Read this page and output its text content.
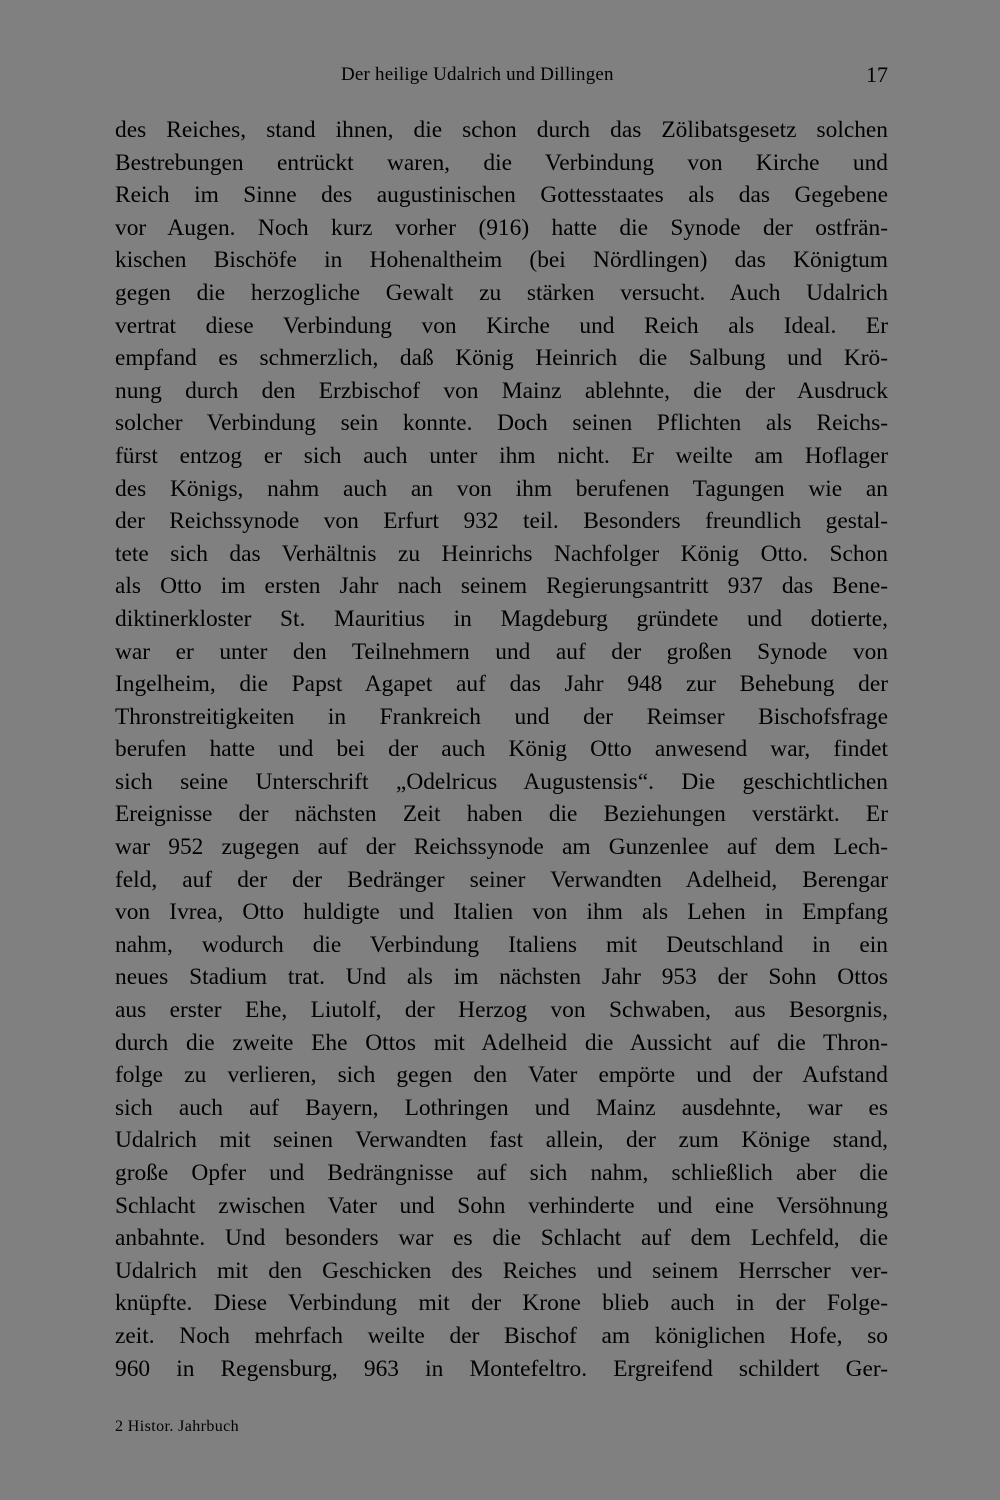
Der heilige Udalrich und Dillingen	17
des Reiches, stand ihnen, die schon durch das Zölibatsgesetz solchen
Bestrebungen entrückt waren, die Verbindung von Kirche und
Reich im Sinne des augustinischen Gottesstaates als das Gegebene
vor Augen. Noch kurz vorher (916) hatte die Synode der ostfrän-
kischen Bischöfe in Hohenaltheim (bei Nördlingen) das Königtum
gegen die herzogliche Gewalt zu stärken versucht. Auch Udalrich
vertrat diese Verbindung von Kirche und Reich als Ideal. Er
empfand es schmerzlich, daß König Heinrich die Salbung und Krö-
nung durch den Erzbischof von Mainz ablehnte, die der Ausdruck
solcher Verbindung sein konnte. Doch seinen Pflichten als Reichs-
fürst entzog er sich auch unter ihm nicht. Er weilte am Hoflager
des Königs, nahm auch an von ihm berufenen Tagungen wie an
der Reichssynode von Erfurt 932 teil. Besonders freundlich gestal-
tete sich das Verhältnis zu Heinrichs Nachfolger König Otto. Schon
als Otto im ersten Jahr nach seinem Regierungsantritt 937 das Bene-
diktinerkloster St. Mauritius in Magdeburg gründete und dotierte,
war er unter den Teilnehmern und auf der großen Synode von
Ingelheim, die Papst Agapet auf das Jahr 948 zur Behebung der
Thronstreitigkeiten in Frankreich und der Reimser Bischofsfrage
berufen hatte und bei der auch König Otto anwesend war, findet
sich seine Unterschrift „Odelricus Augustensis“. Die geschichtlichen
Ereignisse der nächsten Zeit haben die Beziehungen verstärkt. Er
war 952 zugegen auf der Reichssynode am Gunzenlee auf dem Lech-
feld, auf der der Bedränger seiner Verwandten Adelheid, Berengar
von Ivrea, Otto huldigte und Italien von ihm als Lehen in Empfang
nahm, wodurch die Verbindung Italiens mit Deutschland in ein
neues Stadium trat. Und als im nächsten Jahr 953 der Sohn Ottos
aus erster Ehe, Liutolf, der Herzog von Schwaben, aus Besorgnis,
durch die zweite Ehe Ottos mit Adelheid die Aussicht auf die Thron-
folge zu verlieren, sich gegen den Vater empörte und der Aufstand
sich auch auf Bayern, Lothringen und Mainz ausdehnte, war es
Udalrich mit seinen Verwandten fast allein, der zum Könige stand,
große Opfer und Bedrängnisse auf sich nahm, schließlich aber die
Schlacht zwischen Vater und Sohn verhinderte und eine Versöhnung
anbahnte. Und besonders war es die Schlacht auf dem Lechfeld, die
Udalrich mit den Geschicken des Reiches und seinem Herrscher ver-
knüpfte. Diese Verbindung mit der Krone blieb auch in der Folge-
zeit. Noch mehrfach weilte der Bischof am königlichen Hofe, so
960 in Regensburg, 963 in Montefeltro. Ergreifend schildert Ger-
2 Histor. Jahrbuch
